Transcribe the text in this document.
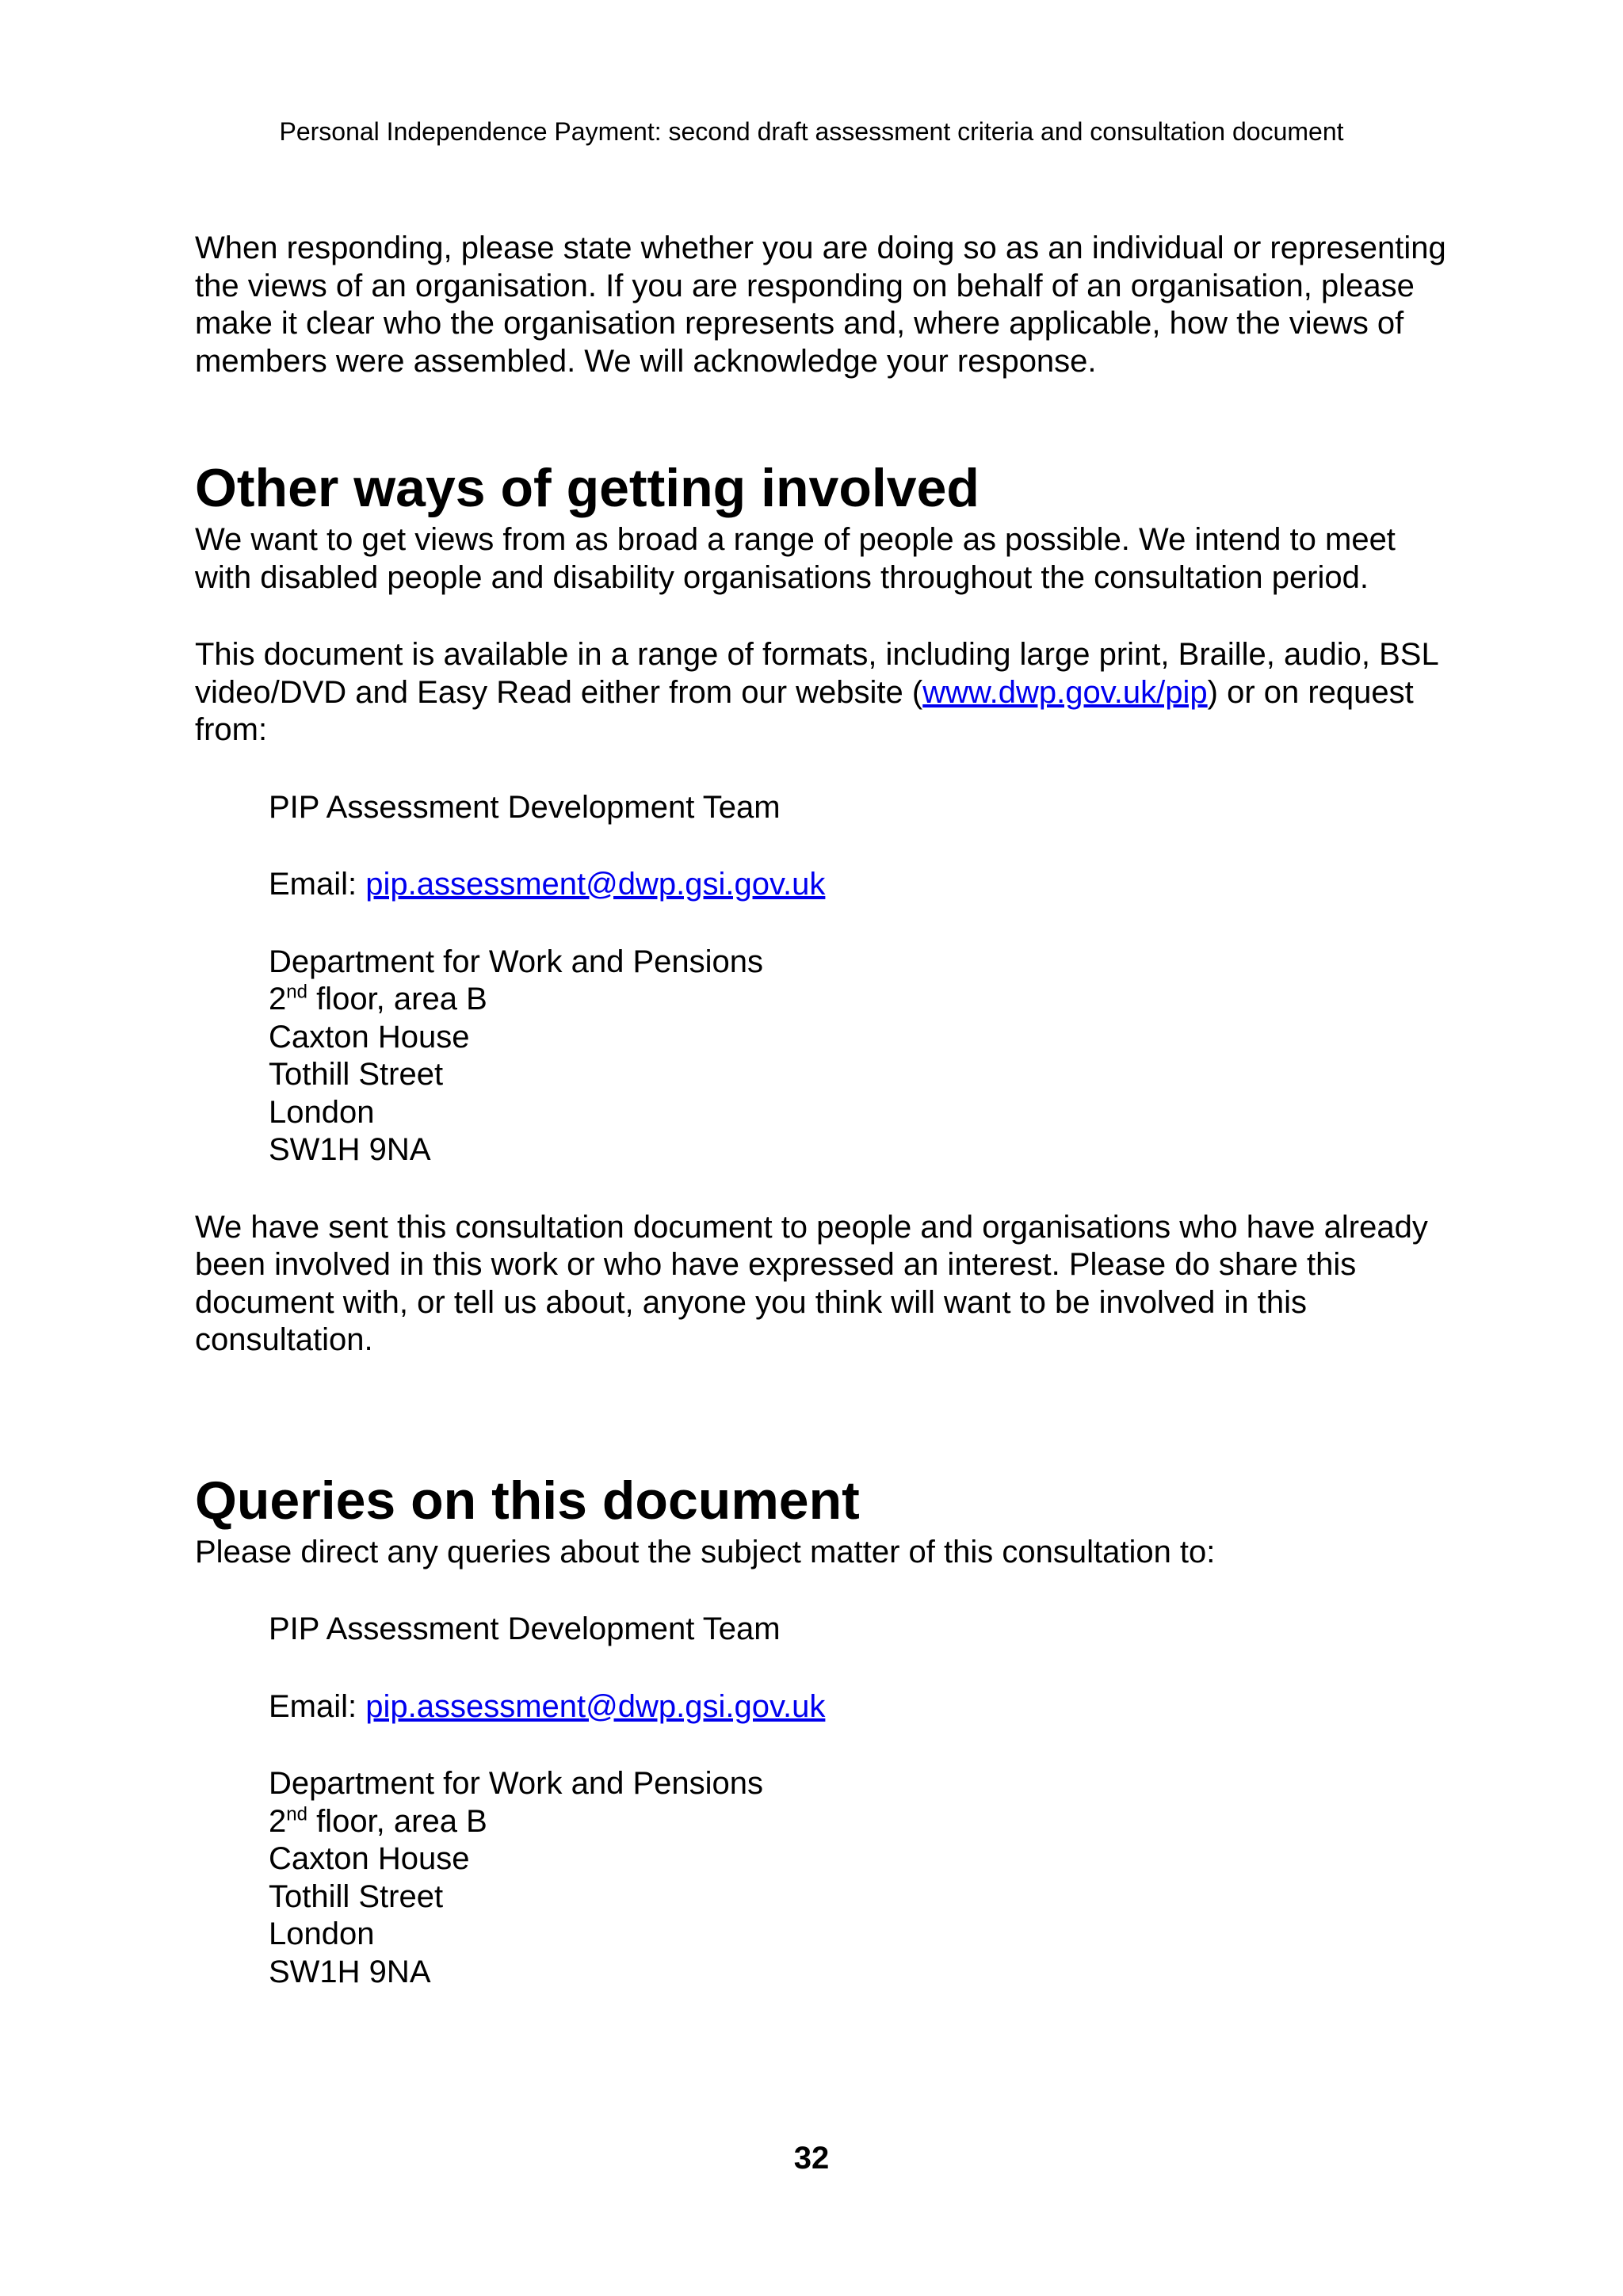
Personal Independence Payment: second draft assessment criteria and consultation document

When responding, please state whether you are doing so as an individual or representing the views of an organisation. If you are responding on behalf of an organisation, please make it clear who the organisation represents and, where applicable, how the views of members were assembled. We will acknowledge your response.

Other ways of getting involved

We want to get views from as broad a range of people as possible. We intend to meet with disabled people and disability organisations throughout the consultation period.

This document is available in a range of formats, including large print, Braille, audio, BSL video/DVD and Easy Read either from our website (www.dwp.gov.uk/pip) or on request from:

PIP Assessment Development Team

Email: pip.assessment@dwp.gsi.gov.uk

Department for Work and Pensions
2nd floor, area B
Caxton House
Tothill Street
London
SW1H 9NA

We have sent this consultation document to people and organisations who have already been involved in this work or who have expressed an interest. Please do share this document with, or tell us about, anyone you think will want to be involved in this consultation.

Queries on this document

Please direct any queries about the subject matter of this consultation to:

PIP Assessment Development Team

Email: pip.assessment@dwp.gsi.gov.uk

Department for Work and Pensions
2nd floor, area B
Caxton House
Tothill Street
London
SW1H 9NA

32
